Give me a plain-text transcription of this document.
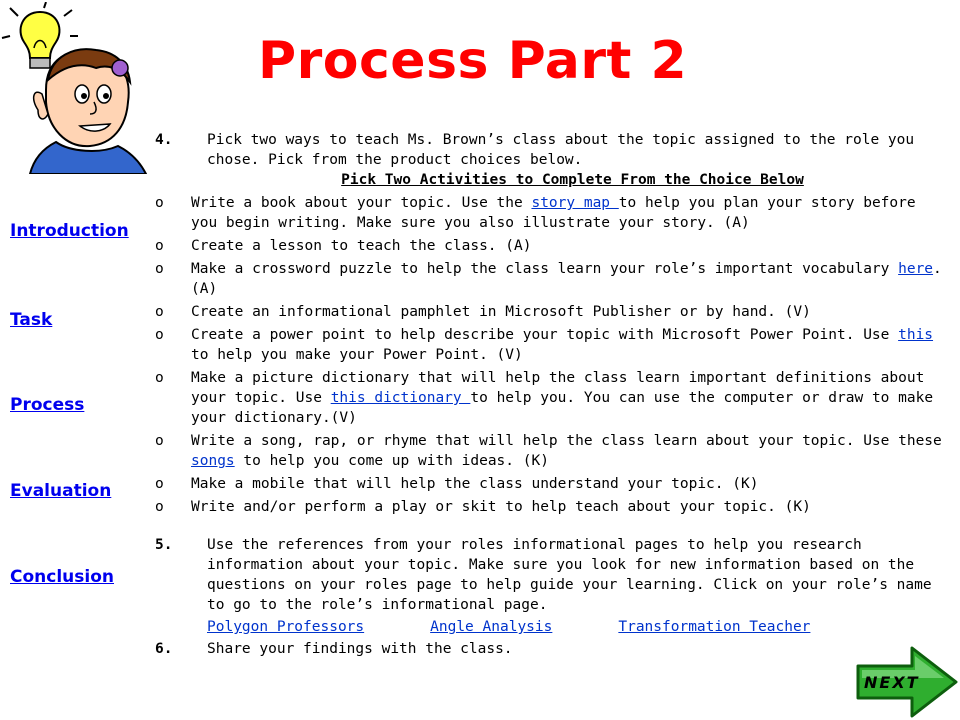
Process Part 2
Introduction
Task
Process
Evaluation
Conclusion
4.	Pick two ways to teach Ms. Brown’s class about the topic assigned to the role you chose. Pick from the product choices below.
Pick Two Activities to Complete From the Choice Below
o	Write a book about your topic. Use the story map to help you plan your story before you begin writing. Make sure you also illustrate your story. (A)
o	Create a lesson to teach the class. (A)
o	Make a crossword puzzle to help the class learn your role’s important vocabulary here. (A)
o	Create an informational pamphlet in Microsoft Publisher or by hand. (V)
o	Create a power point to help describe your topic with Microsoft Power Point. Use this to help you make your Power Point. (V)
o	Make a picture dictionary that will help the class learn important definitions about your topic. Use this dictionary to help you. You can use the computer or draw to make your dictionary.(V)
o	Write a song, rap, or rhyme that will help the class learn about your topic. Use these songs to help you come up with ideas. (K)
o	Make a mobile that will help the class understand your topic. (K)
o	Write and/or perform a play or skit to help teach about your topic. (K)
5.	Use the references from your roles informational pages to help you research information about your topic. Make sure you look for new information based on the questions on your roles page to help guide your learning. Click on your role’s name to go to the role’s informational page.
Polygon Professors	Angle Analysis	Transformation Teacher
6.	Share your findings with the class.
NEXT
